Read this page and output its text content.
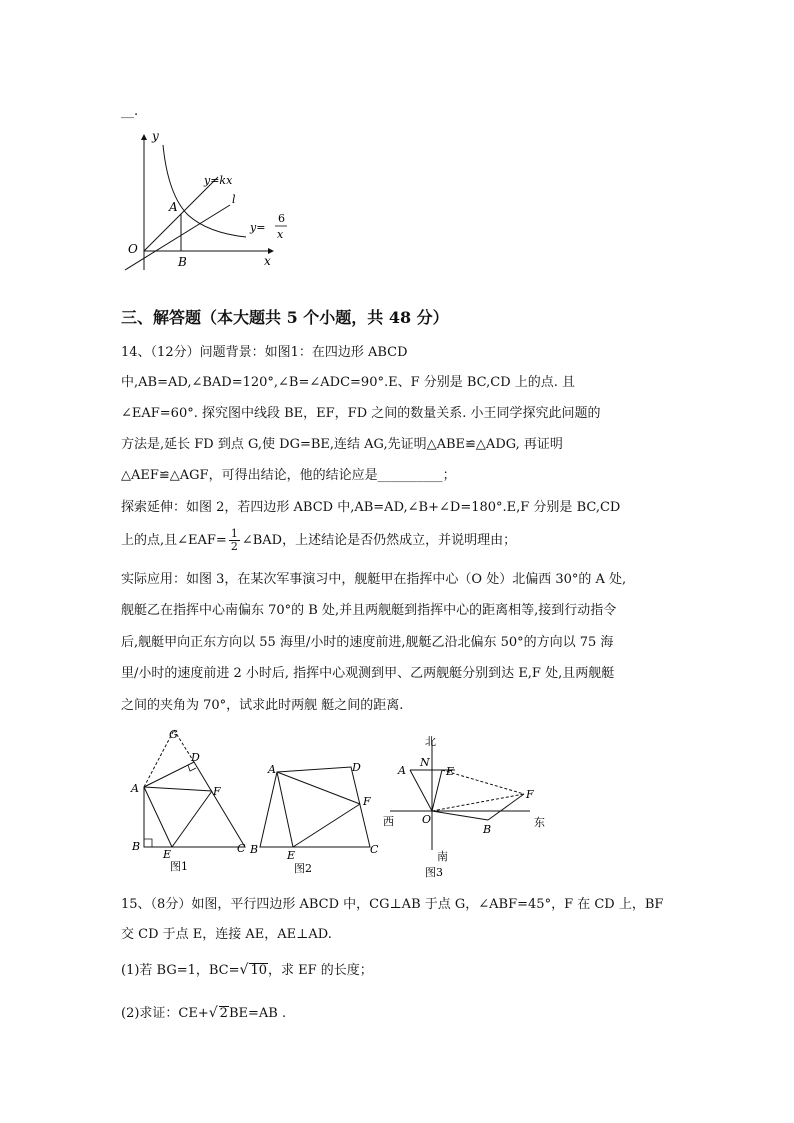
__.
y
x
O
A
B
y=kx
l
y=
6
x
三、解答题（本大题共 5 个小题，共 48 分）
14、（12分）问题背景：如图1：在四边形 ABCD
中,AB=AD,∠BAD=120°,∠B=∠ADC=90°.E、F 分别是 BC,CD 上的点. 且
∠EAF=60°. 探究图中线段 BE，EF，FD 之间的数量关系. 小王同学探究此问题的
方法是,延长 FD 到点 G,使 DG=BE,连结 AG,先证明△ABE≌△ADG, 再证明
△AEF≌△AGF，可得出结论，他的结论应是__________；
探索延伸：如图 2，若四边形 ABCD 中,AB=AD,∠B+∠D=180°.E,F 分别是 BC,CD
上的点,且∠EAF= $\frac{1}{2}$ ∠BAD，上述结论是否仍然成立，并说明理由；
实际应用：如图 3，在某次军事演习中，舰艇甲在指挥中心（O 处）北偏西 30°的 A 处,
舰艇乙在指挥中心南偏东 70°的 B 处,并且两舰艇到指挥中心的距离相等,接到行动指令
后,舰艇甲向正东方向以 55 海里/小时的速度前进,舰艇乙沿北偏东 50°的方向以 75 海
里/小时的速度前进 2 小时后, 指挥中心观测到甲、乙两舰艇分别到达 E,F 处,且两舰艇
之间的夹角为 70°，试求此时两舰 艇之间的距离.
G
D
A	F
B
E	C
图1
A	D
F
B	E	C
图2
北
A
N
E
F
西	O
B
东
南
图3
15、（8分）如图，平行四边形 ABCD 中，CG⊥AB 于点 G，∠ABF=45°，F 在 CD 上，BF
交 CD 于点 E，连接 AE，AE⊥AD.
(1)若 BG=1，BC=√ 10，求 EF 的长度；
(2)求证：CE+√ 2BE=AB .
